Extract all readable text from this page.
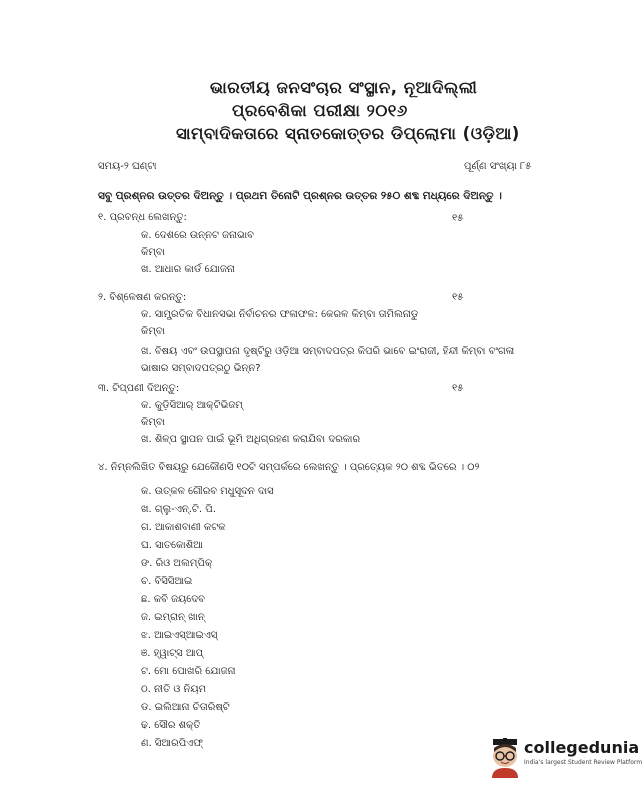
ଭାରତୀୟ ଜନସଂଚାର ସଂସ୍ଥାନ, ନୂଆଦିଲ୍ଲୀ
ପ୍ରବେଶିକା ପରୀକ୍ଷା ୨୦୧୬
ସାମ୍ବାଦିକତାରେ ସ୍ନାତକୋତ୍ତର ଡିପ୍ଲୋମା (ଓଡ଼ିଆ)
ସମୟ-୨ ଘଣ୍ଟା	ପୂର୍ଣ୍ଣ ସଂଖ୍ୟା ୮୫
ସବୁ ପ୍ରଶ୍ନର ଉତ୍ତର ଦିଅନ୍ତୁ । ପ୍ରଥମ ତିନୋଟି ପ୍ରଶ୍ନର ଉତ୍ତର ୨୫୦ ଶବ୍ଦ ମଧ୍ୟରେ ଦିଅନ୍ତୁ ।
୧. ପ୍ରବନ୍ଧ ଲେଖନ୍ତୁ:	୧୫
କ. ଦେଶରେ ଉନ୍ନଟ ଜନାଭାବ
କିମ୍ବା
ଖ. ଆଧାର କାର୍ଡ ଯୋଜନା
୨. ବିଶ୍ଳେଷଣ କରନ୍ତୁ:	୧୫
କ. ସାମ୍ପ୍ରତିକ ବିଧାନସଭା ନିର୍ବାଚନର ଫଳାଫଳ: କେରଳ କିମ୍ବା ତାମିଲନାଡୁ
କିମ୍ବା
ଖ. ବିଷୟ ଏବଂ ଉପସ୍ଥାପନା ଦୃଷ୍ଟିରୁ ଓଡ଼ିଆ ସମ୍ବାଦପତ୍ର କିପରି ଭାବେ ଇଂରାଜୀ, ହିନ୍ଦୀ କିମ୍ବା ବଂଗଳା ଭାଷାର ସମ୍ବାଦପତ୍ରଠୁ ଭିନ୍ନ?
୩. ଟିପ୍ପଣୀ ଦିଅନ୍ତୁ:	୧୫
କ. କୁଡ଼ିସିଆର୍ ଆକ୍ଟିଭିଜମ୍
କିମ୍ବା
ଖ. ଶିଳ୍ପ ସ୍ଥାପନ ପାଇଁ ଭୂମି ଅଧିଗ୍ରହଣ କରାଯିବା ଦରକାର
୪. ନିମ୍ନଲିଖିତ ବିଷୟରୁ ଯେକୌଣସି ୧୦ଟି ସମ୍ପର୍କରେ ଲେଖନ୍ତୁ । ପ୍ରତ୍ୟେକ ୨୦ ଶବ୍ଦ ଭିତରେ । ୦୨
କ. ଉତ୍କଳ ଗୌରବ ମଧୁସୂଦନ ଦାସ
ଖ. ଗ୍ଲୁ-ଏନ୍.ଟି. ପି.
ଗ. ଆକାଶବାଣୀ କଟକ
ଘ. ସାତକୋଶିଆ
ଙ. ରିଓ ଅଲମ୍ପିକ୍
ଚ. ବିସିସିଆଇ
ଛ. କବି ଜୟଦେବ
ଜ. ଇମ୍ରାନ୍ ଖାନ୍
ଝ. ଆଇଏସ୍‌ଆଇଏସ୍
ଞ. ହ୍ୱାଟ୍ସ ଆପ୍
ଟ. ମୋ ପୋଖରି ଯୋଜନା
ଠ. ନୀତି ଓ ନିୟମ
ଡ. ଇଲିଆନା ଚିତାରିଷ୍ଟି
ଢ. ସୌର ଶକ୍ତି
ଣ. ସିଆରପିଏଫ୍	collegedunia
India's largest Student Review Platform
